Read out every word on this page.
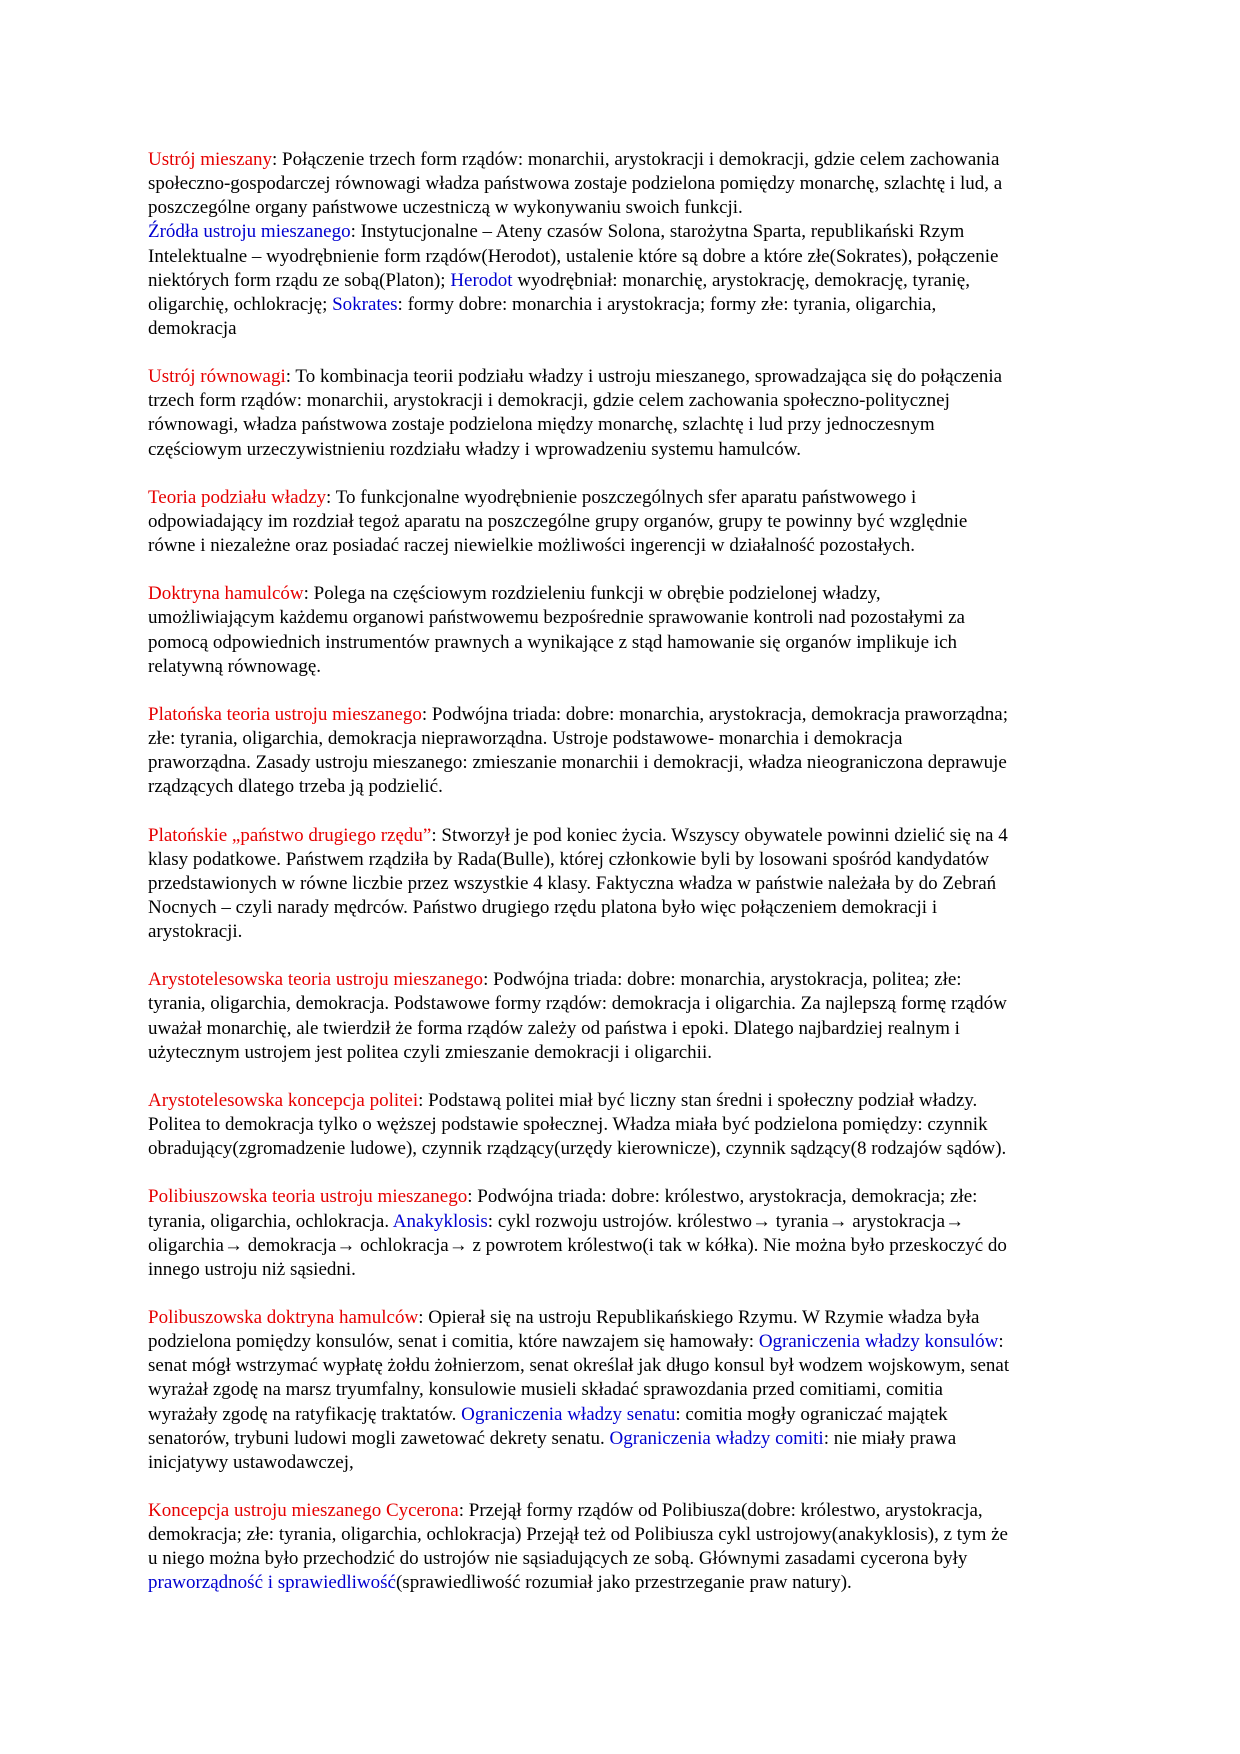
Ustrój mieszany: Połączenie trzech form rządów: monarchii, arystokracji i demokracji, gdzie celem zachowania
społeczno-gospodarczej równowagi władza państwowa zostaje podzielona pomiędzy monarchę, szlachtę i lud, a
poszczególne organy państwowe uczestniczą w wykonywaniu swoich funkcji.
Źródła ustroju mieszanego: Instytucjonalne – Ateny czasów Solona, starożytna Sparta, republikański Rzym
Intelektualne – wyodrębnienie form rządów(Herodot), ustalenie które są dobre a które złe(Sokrates), połączenie
niektórych form rządu ze sobą(Platon); Herodot wyodrębniał: monarchię, arystokrację, demokrację, tyranię,
oligarchię, ochlokrację; Sokrates: formy dobre: monarchia i arystokracja; formy złe: tyrania, oligarchia,
demokracja
Ustrój równowagi: To kombinacja teorii podziału władzy i ustroju mieszanego, sprowadzająca się do połączenia
trzech form rządów: monarchii, arystokracji i demokracji, gdzie celem zachowania społeczno-politycznej
równowagi, władza państwowa zostaje podzielona między monarchę, szlachtę i lud przy jednoczesnym
częściowym urzeczywistnieniu rozdziału władzy i wprowadzeniu systemu hamulców.
Teoria podziału władzy: To funkcjonalne wyodrębnienie poszczególnych sfer aparatu państwowego i
odpowiadający im rozdział tegoż aparatu na poszczególne grupy organów, grupy te powinny być względnie
równe i niezależne oraz posiadać raczej niewielkie możliwości ingerencji w działalność pozostałych.
Doktryna hamulców: Polega na częściowym rozdzieleniu funkcji w obrębie podzielonej władzy,
umożliwiającym każdemu organowi państwowemu bezpośrednie sprawowanie kontroli nad pozostałymi za
pomocą odpowiednich instrumentów prawnych a wynikające z stąd hamowanie się organów implikuje ich
relatywną równowagę.
Platońska teoria ustroju mieszanego: Podwójna triada: dobre: monarchia, arystokracja, demokracja praworządna;
złe: tyrania, oligarchia, demokracja niepraworządna. Ustroje podstawowe- monarchia i demokracja
praworządna. Zasady ustroju mieszanego: zmieszanie monarchii i demokracji, władza nieograniczona deprawuje
rządzących dlatego trzeba ją podzielić.
Platońskie „państwo drugiego rzędu”: Stworzył je pod koniec życia. Wszyscy obywatele powinni dzielić się na 4
klasy podatkowe. Państwem rządziła by Rada(Bulle), której członkowie byli by losowani spośród kandydatów
przedstawionych w równe liczbie przez wszystkie 4 klasy. Faktyczna władza w państwie należała by do Zebrań
Nocnych – czyli narady mędrców. Państwo drugiego rzędu platona było więc połączeniem demokracji i
arystokracji.
Arystotelesowska teoria ustroju mieszanego: Podwójna triada: dobre: monarchia, arystokracja, politea; złe:
tyrania, oligarchia, demokracja. Podstawowe formy rządów: demokracja i oligarchia. Za najlepszą formę rządów
uważał monarchię, ale twierdził że forma rządów zależy od państwa i epoki. Dlatego najbardziej realnym i
użytecznym ustrojem jest politea czyli zmieszanie demokracji i oligarchii.
Arystotelesowska koncepcja politei: Podstawą politei miał być liczny stan średni i społeczny podział władzy.
Politea to demokracja tylko o węższej podstawie społecznej. Władza miała być podzielona pomiędzy: czynnik
obradujący(zgromadzenie ludowe), czynnik rządzący(urzędy kierownicze), czynnik sądzący(8 rodzajów sądów).
Polibiuszowska teoria ustroju mieszanego: Podwójna triada: dobre: królestwo, arystokracja, demokracja; złe:
tyrania, oligarchia, ochlokracja. Anakyklosis: cykl rozwoju ustrojów. królestwo→ tyrania→ arystokracja→
oligarchia→ demokracja→ ochlokracja→ z powrotem królestwo(i tak w kółka). Nie można było przeskoczyć do
innego ustroju niż sąsiedni.
Polibuszowska doktryna hamulców: Opierał się na ustroju Republikańskiego Rzymu. W Rzymie władza była
podzielona pomiędzy konsulów, senat i comitia, które nawzajem się hamowały: Ograniczenia władzy konsulów:
senat mógł wstrzymać wypłatę żołdu żołnierzom, senat określał jak długo konsul był wodzem wojskowym, senat
wyrażał zgodę na marsz tryumfalny, konsulowie musieli składać sprawozdania przed comitiami, comitia
wyrażały zgodę na ratyfikację traktatów. Ograniczenia władzy senatu: comitia mogły ograniczać majątek
senatorów, trybuni ludowi mogli zawetować dekrety senatu. Ograniczenia władzy comiti: nie miały prawa
inicjatywy ustawodawczej,
Koncepcja ustroju mieszanego Cycerona: Przejął formy rządów od Polibiusza(dobre: królestwo, arystokracja,
demokracja; złe: tyrania, oligarchia, ochlokracja) Przejął też od Polibiusza cykl ustrojowy(anakyklosis), z tym że
u niego można było przechodzić do ustrojów nie sąsiadujących ze sobą. Głównymi zasadami cycerona były
praworządność i sprawiedliwość(sprawiedliwość rozumiał jako przestrzeganie praw natury).
